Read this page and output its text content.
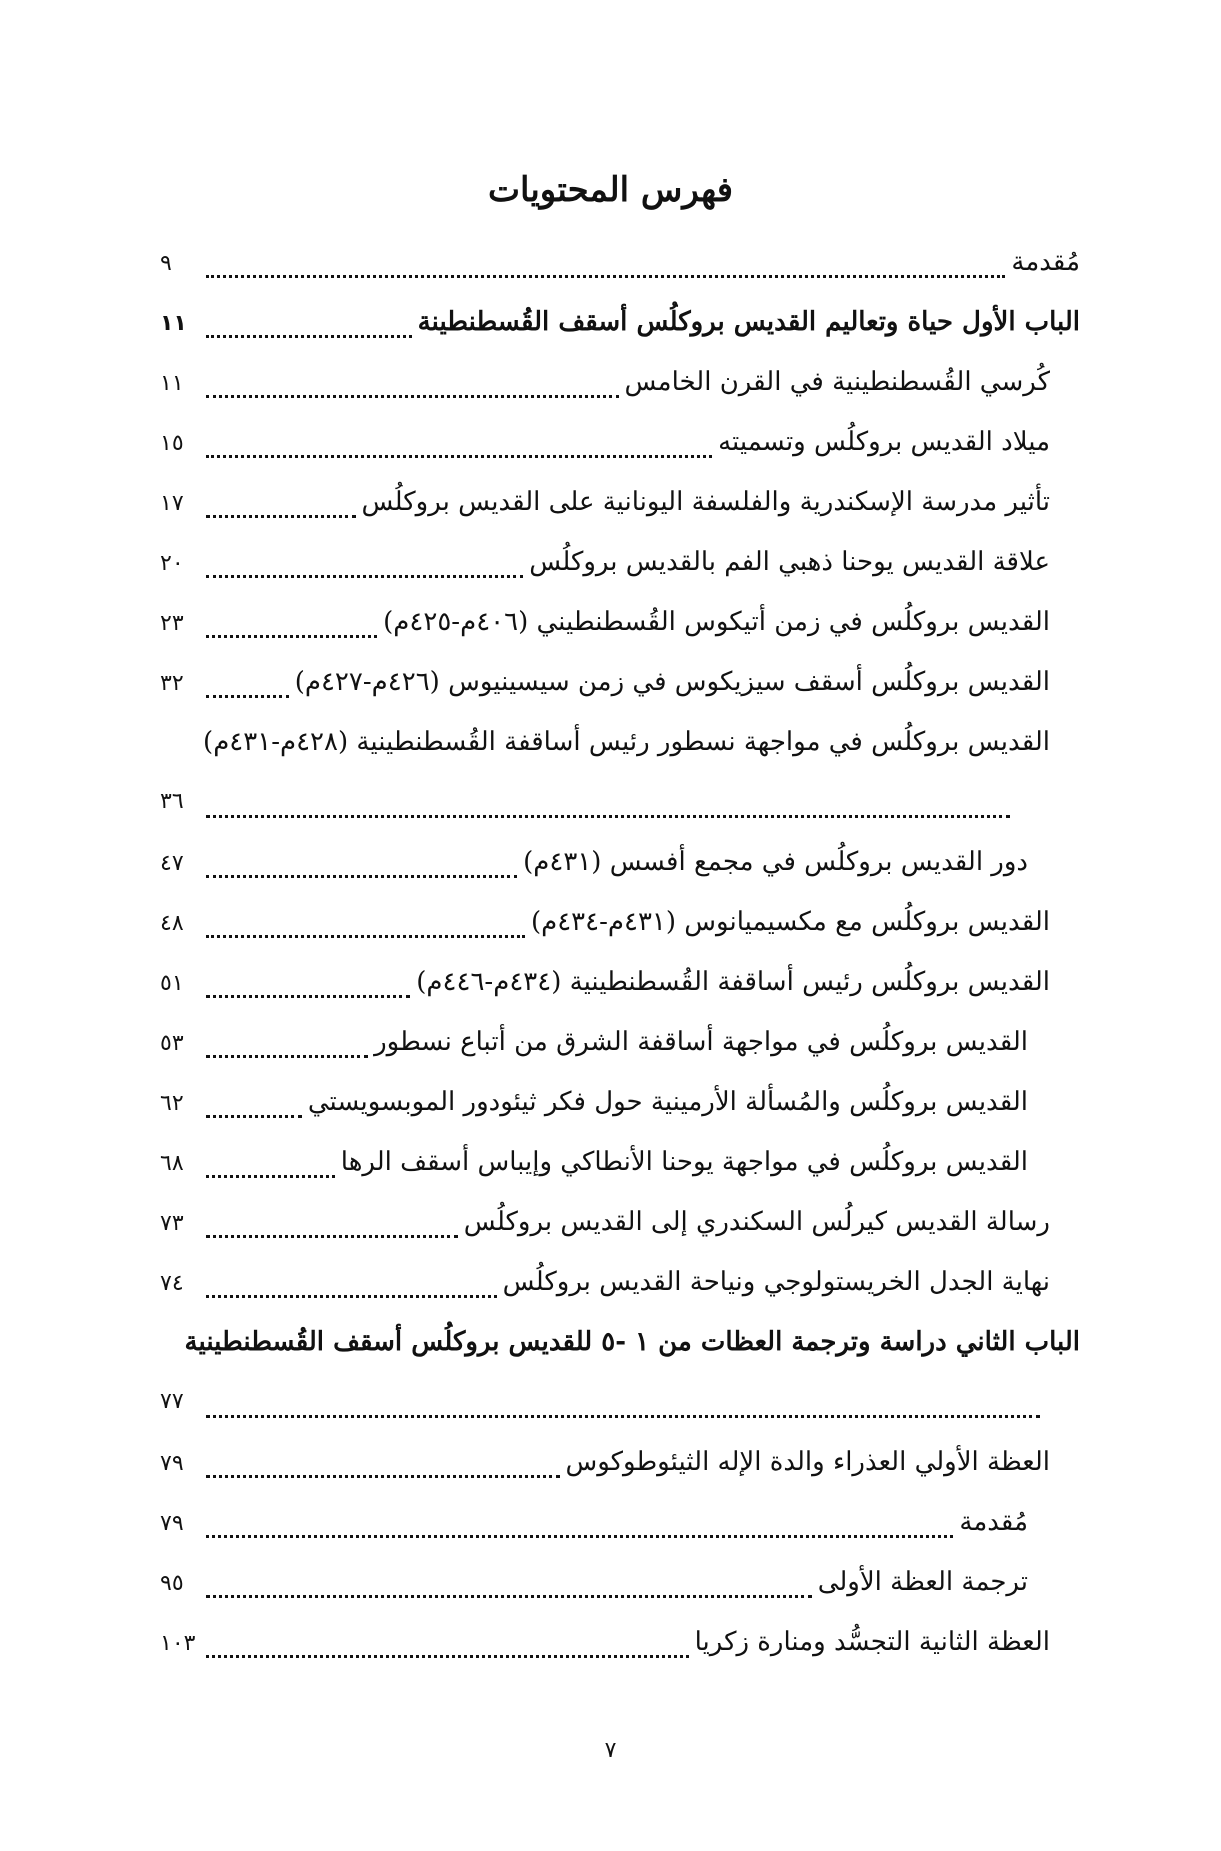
فهرس المحتويات
مُقدمة
٩
الباب الأول حياة وتعاليم القديس بروكلُس أسقف القُسطنطينة
١١
كُرسي القُسطنطينية في القرن الخامس
١١
ميلاد القديس بروكلُس وتسميته
١٥
تأثير مدرسة الإسكندرية والفلسفة اليونانية على القديس بروكلُس
١٧
علاقة القديس يوحنا ذهبي الفم بالقديس بروكلُس
٢٠
القديس بروكلُس في زمن أتيكوس القُسطنطيني (٤٠٦م-٤٢٥م)
٢٣
القديس بروكلُس أسقف سيزيكوس في زمن سيسينيوس (٤٢٦م-٤٢٧م)
٣٢
القديس بروكلُس في مواجهة نسطور رئيس أساقفة القُسطنطينية (٤٢٨م-٤٣١م)
٣٦
دور القديس بروكلُس في مجمع أفسس (٤٣١م)
٤٧
القديس بروكلُس مع مكسيميانوس (٤٣١م-٤٣٤م)
٤٨
القديس بروكلُس رئيس أساقفة القُسطنطينية (٤٣٤م-٤٤٦م)
٥١
القديس بروكلُس في مواجهة أساقفة الشرق من أتباع نسطور
٥٣
القديس بروكلُس والمُسألة الأرمينية حول فكر ثيئودور الموبسويستي
٦٢
القديس بروكلُس في مواجهة يوحنا الأنطاكي وإيباس أسقف الرها
٦٨
رسالة القديس كيرلُس السكندري إلى القديس بروكلُس
٧٣
نهاية الجدل الخريستولوجي ونياحة القديس بروكلُس
٧٤
الباب الثاني دراسة وترجمة العظات من ١ -٥ للقديس بروكلُس أسقف القُسطنطينية
٧٧
العظة الأولي العذراء والدة الإله الثيئوطوكوس
٧٩
مُقدمة
٧٩
ترجمة العظة الأولى
٩٥
العظة الثانية التجسُّد ومنارة زكريا
١٠٣
٧
